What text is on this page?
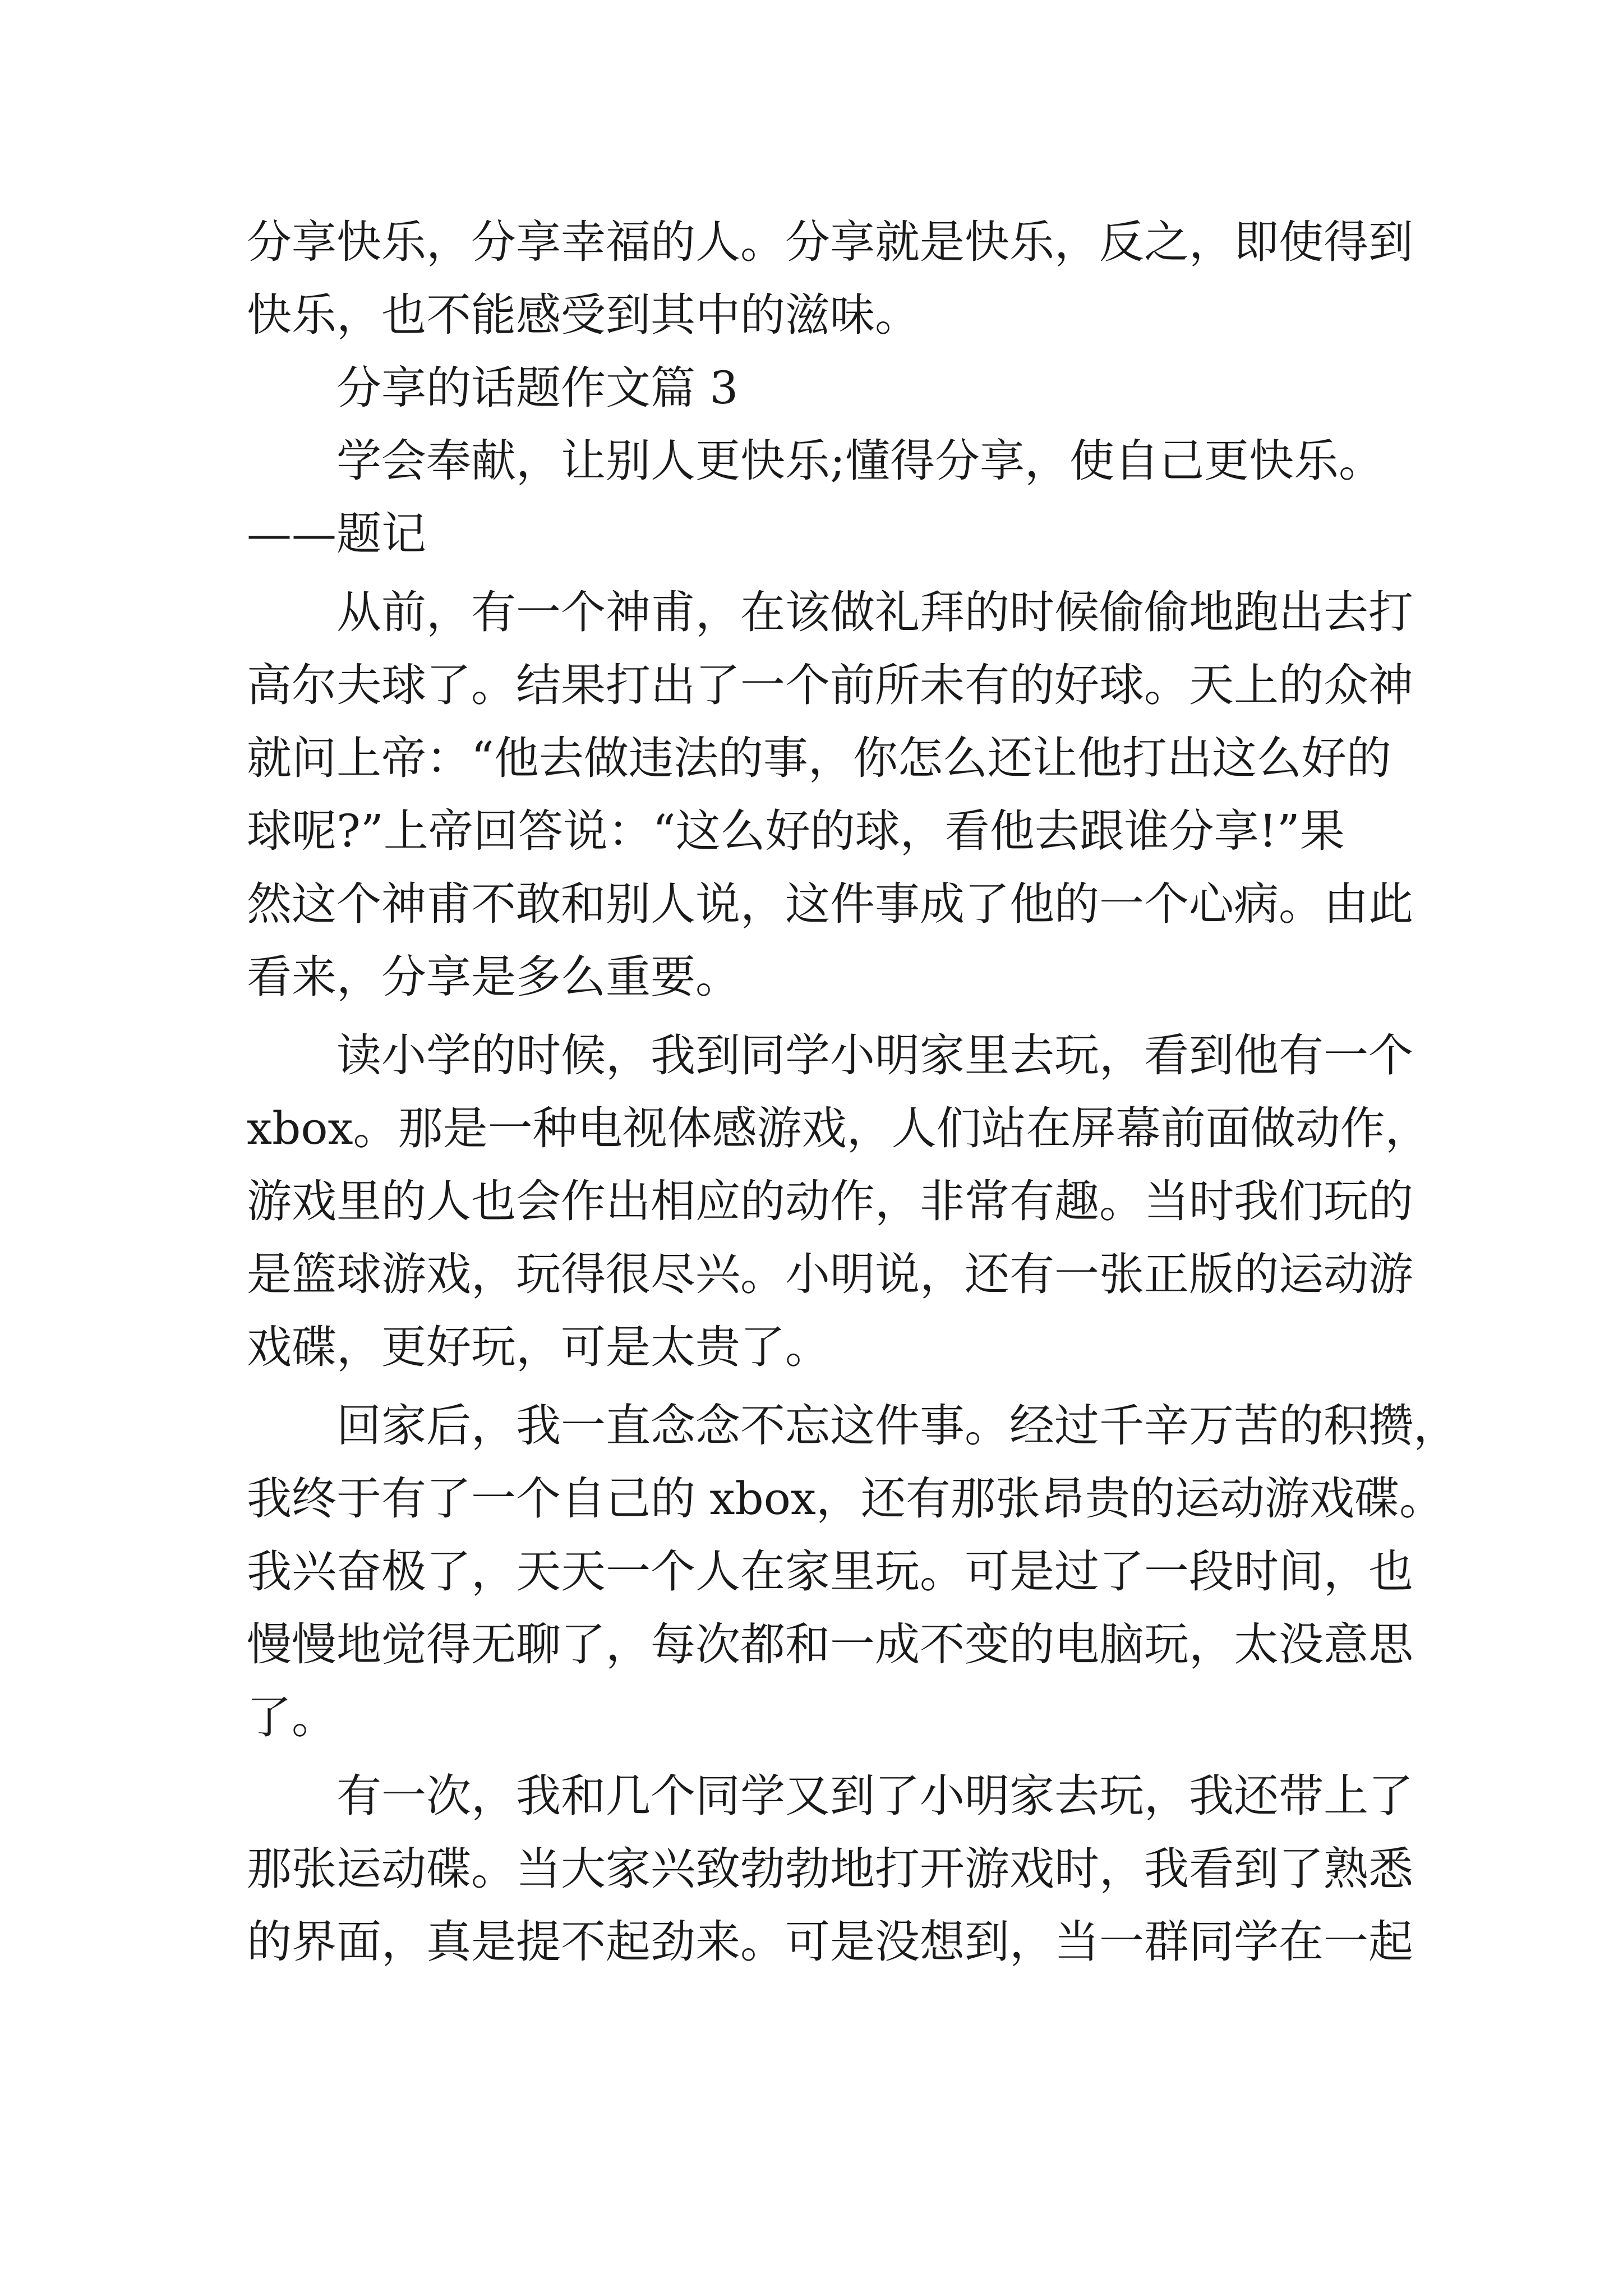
分享快乐，分享幸福的人。分享就是快乐，反之，即使得到
快乐，也不能感受到其中的滋味。
分享的话题作文篇 3
学会奉献，让别人更快乐;懂得分享，使自己更快乐。
——题记
从前，有一个神甫，在该做礼拜的时候偷偷地跑出去打
高尔夫球了。结果打出了一个前所未有的好球。天上的众神
就问上帝：“他去做违法的事，你怎么还让他打出这么好的
球呢?”上帝回答说：“这么好的球，看他去跟谁分享!”果
然这个神甫不敢和别人说，这件事成了他的一个心病。由此
看来，分享是多么重要。
读小学的时候，我到同学小明家里去玩，看到他有一个
xbox。那是一种电视体感游戏，人们站在屏幕前面做动作，
游戏里的人也会作出相应的动作，非常有趣。当时我们玩的
是篮球游戏，玩得很尽兴。小明说，还有一张正版的运动游
戏碟，更好玩，可是太贵了。
回家后，我一直念念不忘这件事。经过千辛万苦的积攒，
我终于有了一个自己的 xbox，还有那张昂贵的运动游戏碟。
我兴奋极了，天天一个人在家里玩。可是过了一段时间，也
慢慢地觉得无聊了，每次都和一成不变的电脑玩，太没意思
了。
有一次，我和几个同学又到了小明家去玩，我还带上了
那张运动碟。当大家兴致勃勃地打开游戏时，我看到了熟悉
的界面，真是提不起劲来。可是没想到，当一群同学在一起
